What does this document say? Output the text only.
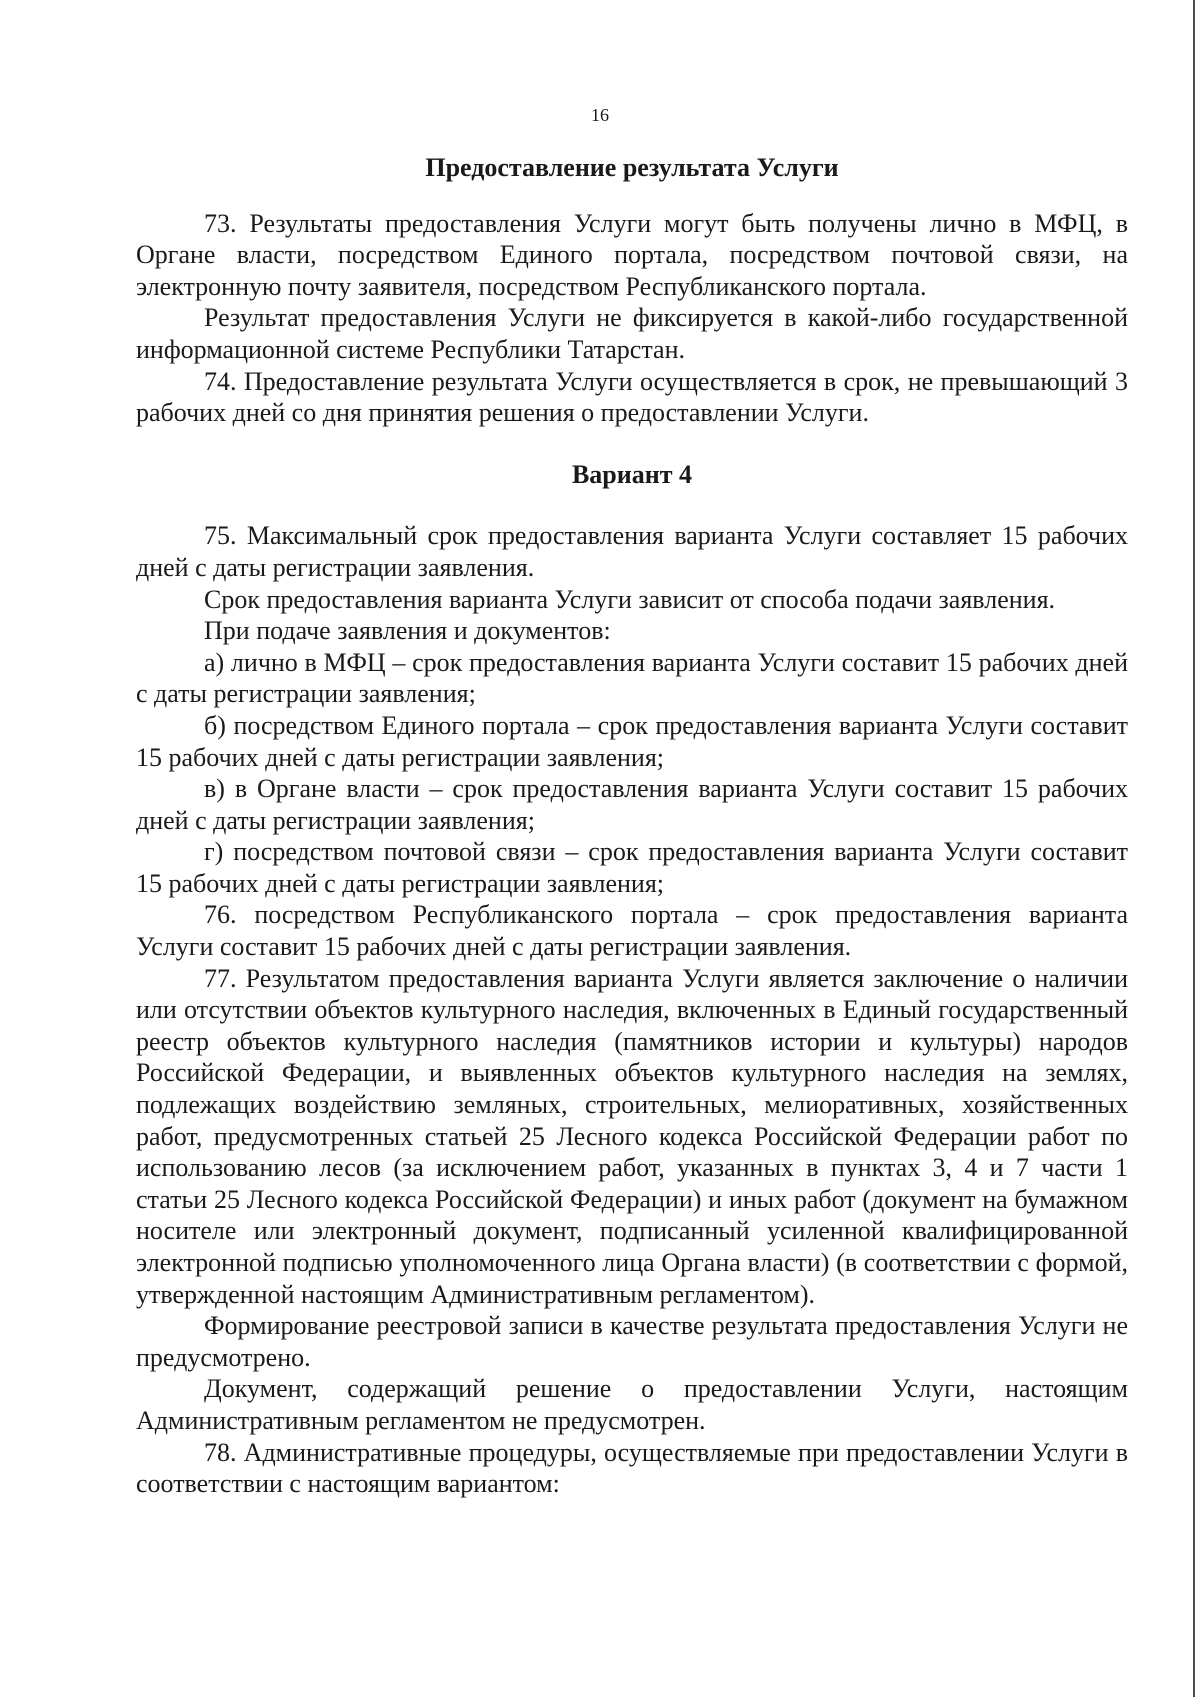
16
Предоставление результата Услуги

73. Результаты предоставления Услуги могут быть получены лично в МФЦ, в Органе власти, посредством Единого портала, посредством почтовой связи, на электронную почту заявителя, посредством Республиканского портала.

Результат предоставления Услуги не фиксируется в какой-либо государственной информационной системе Республики Татарстан.

74. Предоставление результата Услуги осуществляется в срок, не превышающий 3 рабочих дней со дня принятия решения о предоставлении Услуги.

Вариант 4

75. Максимальный срок предоставления варианта Услуги составляет 15 рабочих дней с даты регистрации заявления.

Срок предоставления варианта Услуги зависит от способа подачи заявления.

При подаче заявления и документов:

а) лично в МФЦ – срок предоставления варианта Услуги составит 15 рабочих дней с даты регистрации заявления;

б) посредством Единого портала – срок предоставления варианта Услуги составит 15 рабочих дней с даты регистрации заявления;

в) в Органе власти – срок предоставления варианта Услуги составит 15 рабочих дней с даты регистрации заявления;

г) посредством почтовой связи – срок предоставления варианта Услуги составит 15 рабочих дней с даты регистрации заявления;

76. посредством Республиканского портала – срок предоставления варианта Услуги составит 15 рабочих дней с даты регистрации заявления.

77. Результатом предоставления варианта Услуги является заключение о наличии или отсутствии объектов культурного наследия, включенных в Единый государственный реестр объектов культурного наследия (памятников истории и культуры) народов Российской Федерации, и выявленных объектов культурного наследия на землях, подлежащих воздействию земляных, строительных, мелиоративных, хозяйственных работ, предусмотренных статьей 25 Лесного кодекса Российской Федерации работ по использованию лесов (за исключением работ, указанных в пунктах 3, 4 и 7 части 1 статьи 25 Лесного кодекса Российской Федерации) и иных работ (документ на бумажном носителе или электронный документ, подписанный усиленной квалифицированной электронной подписью уполномоченного лица Органа власти) (в соответствии с формой, утвержденной настоящим Административным регламентом).

Формирование реестровой записи в качестве результата предоставления Услуги не предусмотрено.

Документ, содержащий решение о предоставлении Услуги, настоящим Административным регламентом не предусмотрен.

78. Административные процедуры, осуществляемые при предоставлении Услуги в соответствии с настоящим вариантом:
